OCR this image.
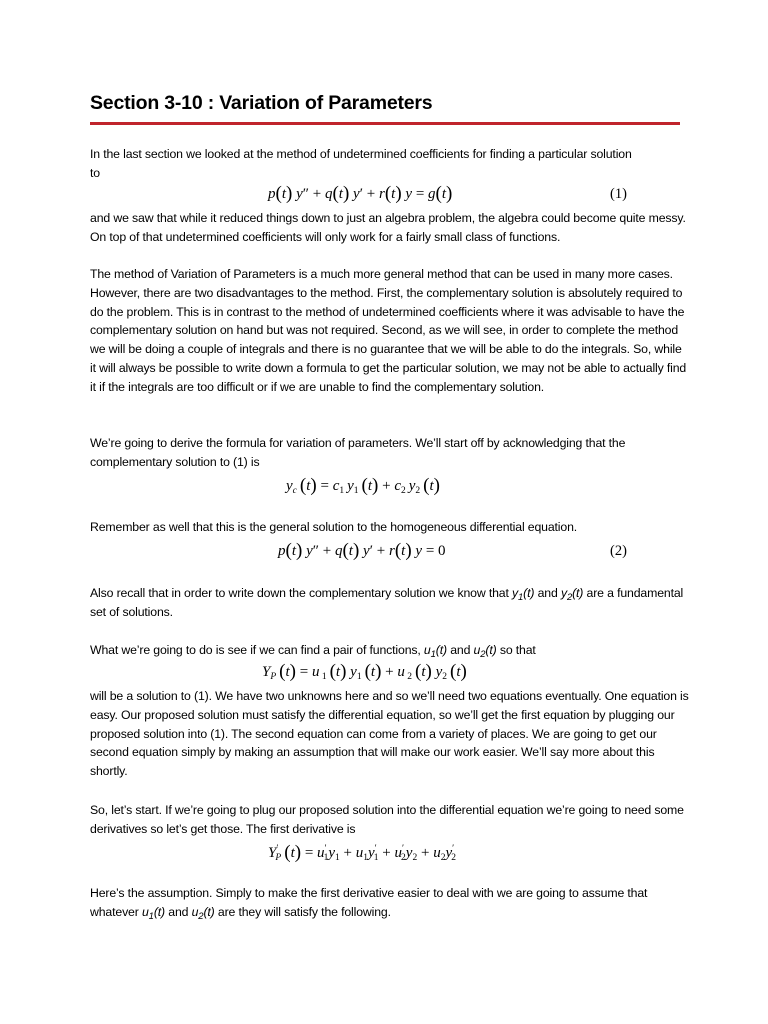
Section 3-10 : Variation of Parameters

In the last section we looked at the method of undetermined coefficients for finding a particular solution
to

p(t) y″ + q(t) y′ + r(t) y = g(t)	(1)

and we saw that while it reduced things down to just an algebra problem, the algebra could become quite messy. On top of that undetermined coefficients will only work for a fairly small class of functions.

The method of Variation of Parameters is a much more general method that can be used in many more cases. However, there are two disadvantages to the method. First, the complementary solution is absolutely required to do the problem. This is in contrast to the method of undetermined coefficients where it was advisable to have the complementary solution on hand but was not required. Second, as we will see, in order to complete the method we will be doing a couple of integrals and there is no guarantee that we will be able to do the integrals. So, while it will always be possible to write down a formula to get the particular solution, we may not be able to actually find it if the integrals are too difficult or if we are unable to find the complementary solution.

We’re going to derive the formula for variation of parameters. We’ll start off by acknowledging that the complementary solution to (1) is

$y_c$ $(t) = c_1$ $y_1$ $(t) + c_2$ $y_2$ (t)

Remember as well that this is the general solution to the homogeneous differential equation.

p(t) y″ + q(t) y′ + r(t) y = 0	(2)

Also recall that in order to write down the complementary solution we know that $y_1(t)$ and $y_2(t)$ are a fundamental set of solutions.

What we’re going to do is see if we can find a pair of functions, $u_1(t)$ and $u_2(t)$ so that

$Y_P$ (t) = u $_1$ (t) $y_1$ (t) + u $_2$ (t) $y_2$ (t)

will be a solution to (1). We have two unknowns here and so we’ll need two equations eventually. One equation is easy. Our proposed solution must satisfy the differential equation, so we’ll get the first equation by plugging our proposed solution into (1). The second equation can come from a variety of places. We are going to get our second equation simply by making an assumption that will make our work easier. We’ll say more about this shortly.

So, let’s start. If we’re going to plug our proposed solution into the differential equation we’re going to need some derivatives so let’s get those. The first derivative is

$Y'_P$ $(t) = u'_1y_1 + u_1y'_1 + u'_2y_2 + u_2y'_2$

Here’s the assumption. Simply to make the first derivative easier to deal with we are going to assume that whatever $u_1(t)$ and $u_2(t)$ are they will satisfy the following.
